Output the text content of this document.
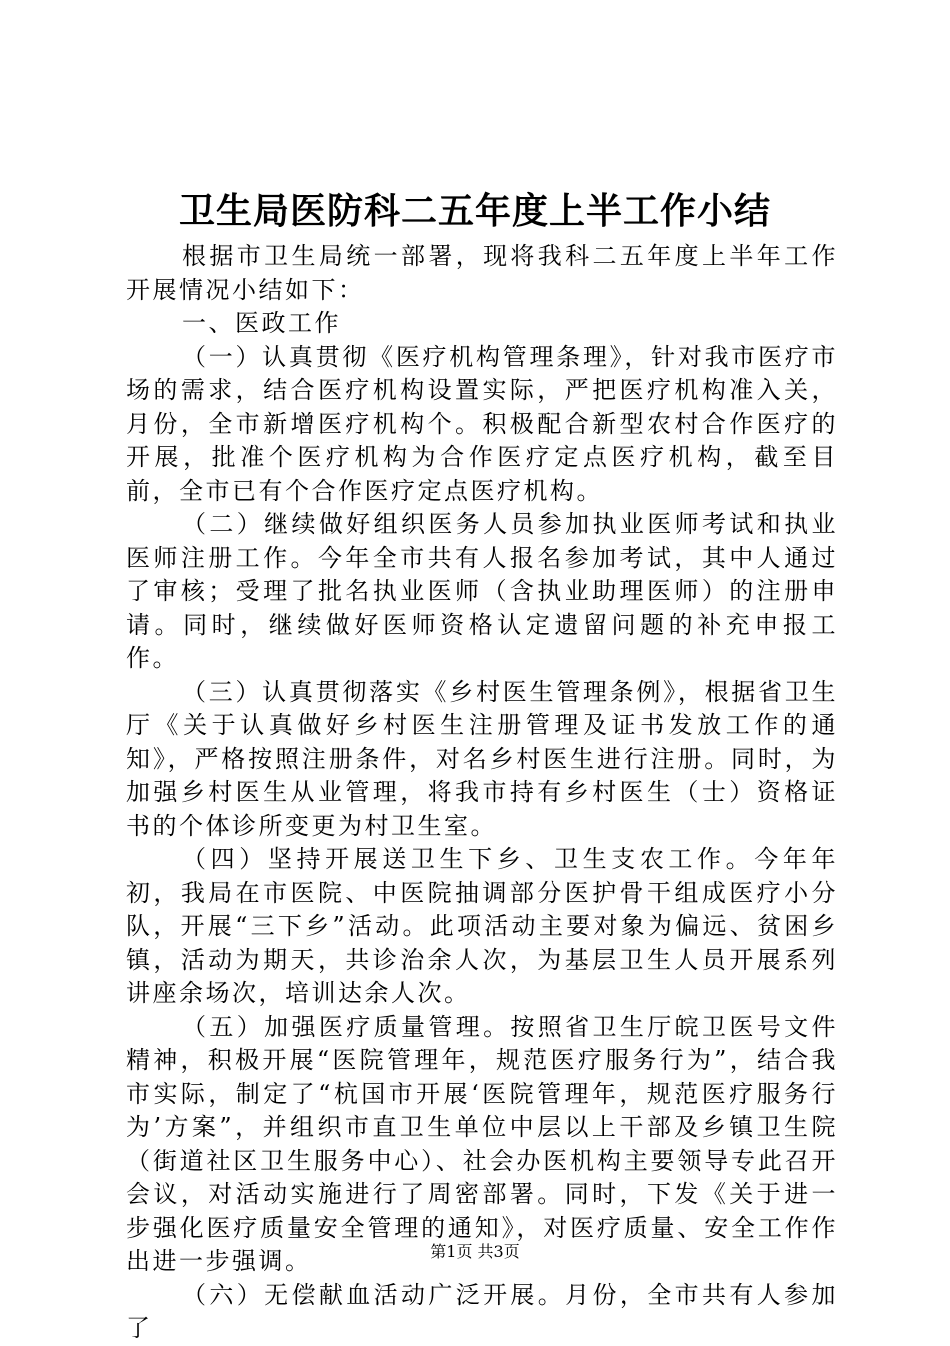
卫生局医防科二五年度上半工作小结

根据市卫生局统一部署，现将我科二五年度上半年工作开展情况小结如下：

一、医政工作

（一）认真贯彻《医疗机构管理条理》，针对我市医疗市场的需求，结合医疗机构设置实际，严把医疗机构准入关，月份，全市新增医疗机构个。积极配合新型农村合作医疗的开展，批准个医疗机构为合作医疗定点医疗机构，截至目前，全市已有个合作医疗定点医疗机构。

（二）继续做好组织医务人员参加执业医师考试和执业医师注册工作。今年全市共有人报名参加考试，其中人通过了审核；受理了批名执业医师（含执业助理医师）的注册申请。同时，继续做好医师资格认定遗留问题的补充申报工作。

（三）认真贯彻落实《乡村医生管理条例》，根据省卫生厅《关于认真做好乡村医生注册管理及证书发放工作的通知》，严格按照注册条件，对名乡村医生进行注册。同时，为加强乡村医生从业管理，将我市持有乡村医生（士）资格证书的个体诊所变更为村卫生室。

（四）坚持开展送卫生下乡、卫生支农工作。今年年初，我局在市医院、中医院抽调部分医护骨干组成医疗小分队，开展“三下乡”活动。此项活动主要对象为偏远、贫困乡镇，活动为期天，共诊治余人次，为基层卫生人员开展系列讲座余场次，培训达余人次。

（五）加强医疗质量管理。按照省卫生厅皖卫医号文件精神，积极开展“医院管理年，规范医疗服务行为”，结合我市实际，制定了“杭国市开展‘医院管理年，规范医疗服务行为’方案”，并组织市直卫生单位中层以上干部及乡镇卫生院（街道社区卫生服务中心）、社会办医机构主要领导专此召开会议，对活动实施进行了周密部署。同时，下发《关于进一步强化医疗质量安全管理的通知》，对医疗质量、安全工作作出进一步强调。

（六）无偿献血活动广泛开展。月份，全市共有人参加了

第1页 共3页
